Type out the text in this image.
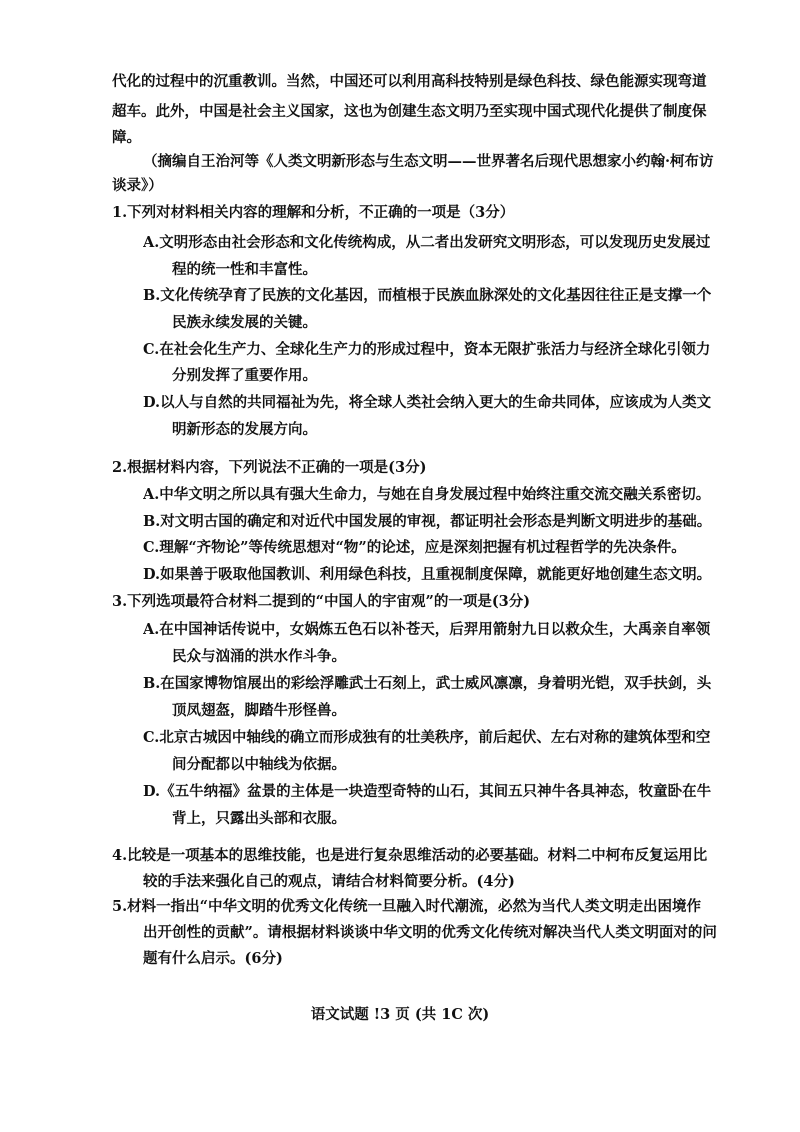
代化的过程中的沉重教训。当然，中国还可以利用高科技特别是绿色科技、绿色能源实现弯道
超车。此外，中国是社会主义国家，这也为创建生态文明乃至实现中国式现代化提供了制度保
障。
（摘编自王治河等《人类文明新形态与生态文明——世界著名后现代思想家小约翰·柯布访
谈录》）
1.下列对材料相关内容的理解和分析，不正确的一项是（3分）
A.文明形态由社会形态和文化传统构成，从二者出发研究文明形态，可以发现历史发展过
程的统一性和丰富性。
B.文化传统孕育了民族的文化基因，而植根于民族血脉深处的文化基因往往正是支撑一个
民族永续发展的关键。
C.在社会化生产力、全球化生产力的形成过程中，资本无限扩张活力与经济全球化引领力
分别发挥了重要作用。
D.以人与自然的共同福祉为先，将全球人类社会纳入更大的生命共同体，应该成为人类文
明新形态的发展方向。
2.根据材料内容，下列说法不正确的一项是(3分)
A.中华文明之所以具有强大生命力，与她在自身发展过程中始终注重交流交融关系密切。
B.对文明古国的确定和对近代中国发展的审视，都证明社会形态是判断文明进步的基础。
C.理解“齐物论”等传统思想对“物”的论述，应是深刻把握有机过程哲学的先决条件。
D.如果善于吸取他国教训、利用绿色科技，且重视制度保障，就能更好地创建生态文明。
3.下列选项最符合材料二提到的“中国人的宇宙观”的一项是(3分)
A.在中国神话传说中，女娲炼五色石以补苍天，后羿用箭射九日以救众生，大禹亲自率领
民众与汹涌的洪水作斗争。
B.在国家博物馆展出的彩绘浮雕武士石刻上，武士威风凛凛，身着明光铠，双手扶剑，头
顶凤翅盔，脚踏牛形怪兽。
C.北京古城因中轴线的确立而形成独有的壮美秩序，前后起伏、左右对称的建筑体型和空
间分配都以中轴线为依据。
D.《五牛纳福》盆景的主体是一块造型奇特的山石，其间五只神牛各具神态，牧童卧在牛
背上，只露出头部和衣服。
4.比较是一项基本的思维技能，也是进行复杂思维活动的必要基础。材料二中柯布反复运用比
较的手法来强化自己的观点，请结合材料简要分析。(4分)
5.材料一指出“中华文明的优秀文化传统一旦融入时代潮流，必然为当代人类文明走出困境作
出开创性的贡献”。请根据材料谈谈中华文明的优秀文化传统对解决当代人类文明面对的问
题有什么启示。(6分)
语文试题 !3 页 (共 1C 次)
